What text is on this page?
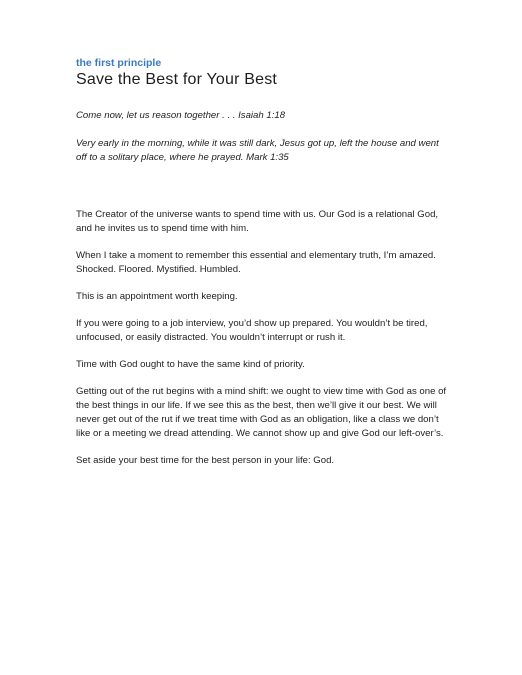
the first principle

Save the Best for Your Best

Come now, let us reason together . . . Isaiah 1:18

Very early in the morning, while it was still dark, Jesus got up, left the house and went off to a solitary place, where he prayed. Mark 1:35

The Creator of the universe wants to spend time with us. Our God is a relational God, and he invites us to spend time with him.

When I take a moment to remember this essential and elementary truth, I’m amazed. Shocked. Floored. Mystified. Humbled.

This is an appointment worth keeping.

If you were going to a job interview, you’d show up prepared. You wouldn’t be tired, unfocused, or easily distracted. You wouldn’t interrupt or rush it.

Time with God ought to have the same kind of priority.

Getting out of the rut begins with a mind shift: we ought to view time with God as one of the best things in our life. If we see this as the best, then we’ll give it our best. We will never get out of the rut if we treat time with God as an obligation, like a class we don’t like or a meeting we dread attending. We cannot show up and give God our left-over’s.

Set aside your best time for the best person in your life: God.
